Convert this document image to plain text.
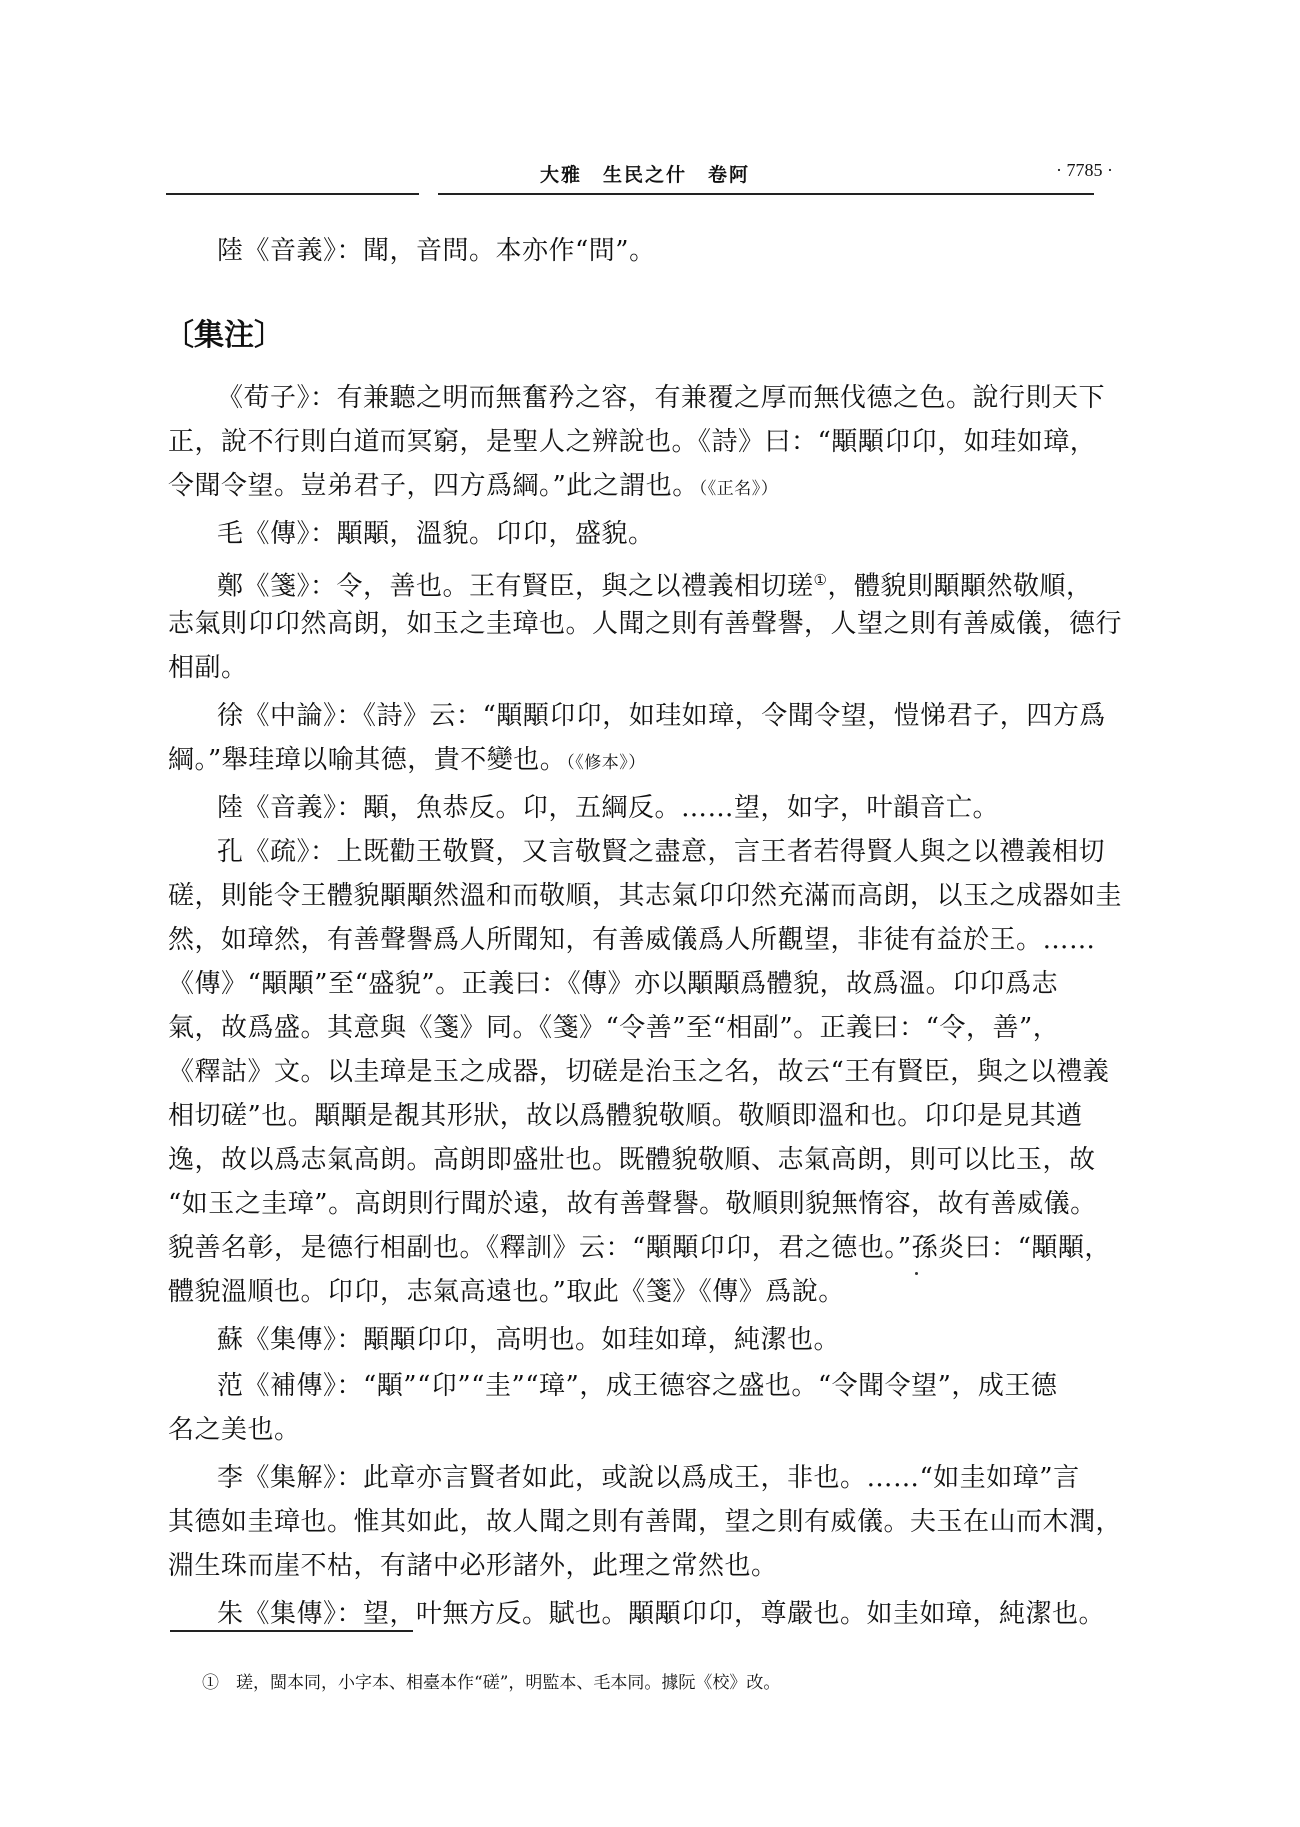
大雅　生民之什　卷阿	· 7785 ·
陸《音義》：聞，音問。本亦作“問”。
〔集注〕
《荀子》：有兼聽之明而無奮矜之容，有兼覆之厚而無伐德之色。說行則天下
正，說不行則白道而冥窮，是聖人之辨說也。《詩》曰：“顒顒卬卬，如珪如璋，
令聞令望。豈弟君子，四方爲綱。”此之謂也。（《正名》）
毛《傳》：顒顒，溫貌。卬卬，盛貌。
鄭《箋》：令，善也。王有賢臣，與之以禮義相切瑳①，體貌則顒顒然敬順，
志氣則卬卬然高朗，如玉之圭璋也。人聞之則有善聲譽，人望之則有善威儀，德行
相副。
徐《中論》：《詩》云：“顒顒卬卬，如珪如璋，令聞令望，愷悌君子，四方爲
綱。”舉珪璋以喻其德，貴不變也。（《修本》）
陸《音義》：顒，魚恭反。卬，五綱反。……望，如字，叶韻音亡。
孔《疏》：上既勸王敬賢，又言敬賢之盡意，言王者若得賢人與之以禮義相切
磋，則能令王體貌顒顒然溫和而敬順，其志氣卬卬然充滿而高朗，以玉之成器如圭
然，如璋然，有善聲譽爲人所聞知，有善威儀爲人所觀望，非徒有益於王。……
《傳》“顒顒”至“盛貌”。正義曰：《傳》亦以顒顒爲體貌，故爲溫。卬卬爲志
氣，故爲盛。其意與《箋》同。《箋》“令善”至“相副”。正義曰：“令，善”，
《釋詁》文。以圭璋是玉之成器，切磋是治玉之名，故云“王有賢臣，與之以禮義
相切磋”也。顒顒是覩其形狀，故以爲體貌敬順。敬順即溫和也。卬卬是見其遒
逸，故以爲志氣高朗。高朗即盛壯也。既體貌敬順、志氣高朗，則可以比玉，故
“如玉之圭璋”。高朗則行聞於遠，故有善聲譽。敬順則貌無惰容，故有善威儀。
貌善名彰，是德行相副也。《釋訓》云：“顒顒卬卬，君之德也。”孫炎曰：“顒顒，
體貌溫順也。卬卬，志氣高遠也。”取此《箋》《傳》爲說。
蘇《集傳》：顒顒卬卬，高明也。如珪如璋，純潔也。
范《補傳》：“顒”“卬”“圭”“璋”，成王德容之盛也。“令聞令望”，成王德
名之美也。
李《集解》：此章亦言賢者如此，或說以爲成王，非也。……“如圭如璋”言
其德如圭璋也。惟其如此，故人聞之則有善聞，望之則有威儀。夫玉在山而木潤，
淵生珠而崖不枯，有諸中必形諸外，此理之常然也。
朱《集傳》：望，叶無方反。賦也。顒顒卬卬，尊嚴也。如圭如璋，純潔也。
①　瑳，閩本同，小字本、相臺本作“磋”，明監本、毛本同。據阮《校》改。
